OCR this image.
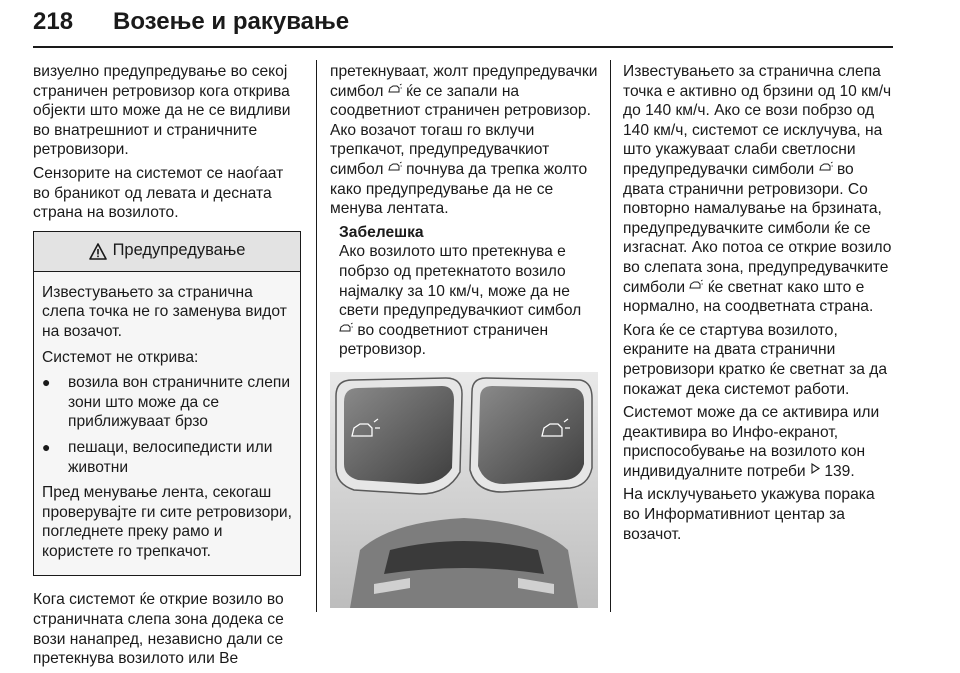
218 Возење и ракување

визуелно предупредување во секој страничен ретровизор кога открива објекти што може да не се видливи во внатрешниот и страничните ретровизори.

Сензорите на системот се наоѓаат во браникот од левата и десната страна на возилото.

Предупредување

Известувањето за странична слепа точка не го заменува видот на возачот.

Системот не открива:

●	возила вон страничните слепи зони што може да се приближуваат брзо
●	пешаци, велосипедисти или животни

Пред менување лента, секогаш проверувајте ги сите ретровизори, погледнете преку рамо и користете го трепкачот.

Кога системот ќе открие возило во страничната слепа зона додека се вози нанапред, независно дали се претекнува возилото или Ве

претекнуваат, жолт предупредувачки симбол ќе се запали на соодветниот страничен ретровизор. Ако возачот тогаш го вклучи трепкачот, предупредувачкиот симбол почнува да трепка жолто како предупредување да не се менува лентата.

Забелешка
Ако возилото што претекнува е побрзо од претекнатото возило најмалку за 10 км/ч, може да не свети предупредувачкиот симбол  во соодветниот страничен ретровизор.

Известувањето за странична слепа точка е активно од брзини од 10 км/ч до 140 км/ч. Ако се вози побрзо од 140 км/ч, системот се исклучува, на што укажуваат слаби светлосни предупредувачки симболи во двата странични ретровизори. Со повторно намалување на брзината, предупредувачките симболи ќе се изгаснат. Ако потоа се открие возило во слепата зона, предупредувачките симболи ќе светнат како што е нормално, на соодветната страна.

Кога ќе се стартува возилото, екраните на двата странични ретровизори кратко ќе светнат за да покажат дека системот работи.

Системот може да се активира или деактивира во Инфо-екранот, приспособување на возилото кон индивидуалните потреби 139.

На исклучувањето укажува порака во Информативниот центар за возачот.
